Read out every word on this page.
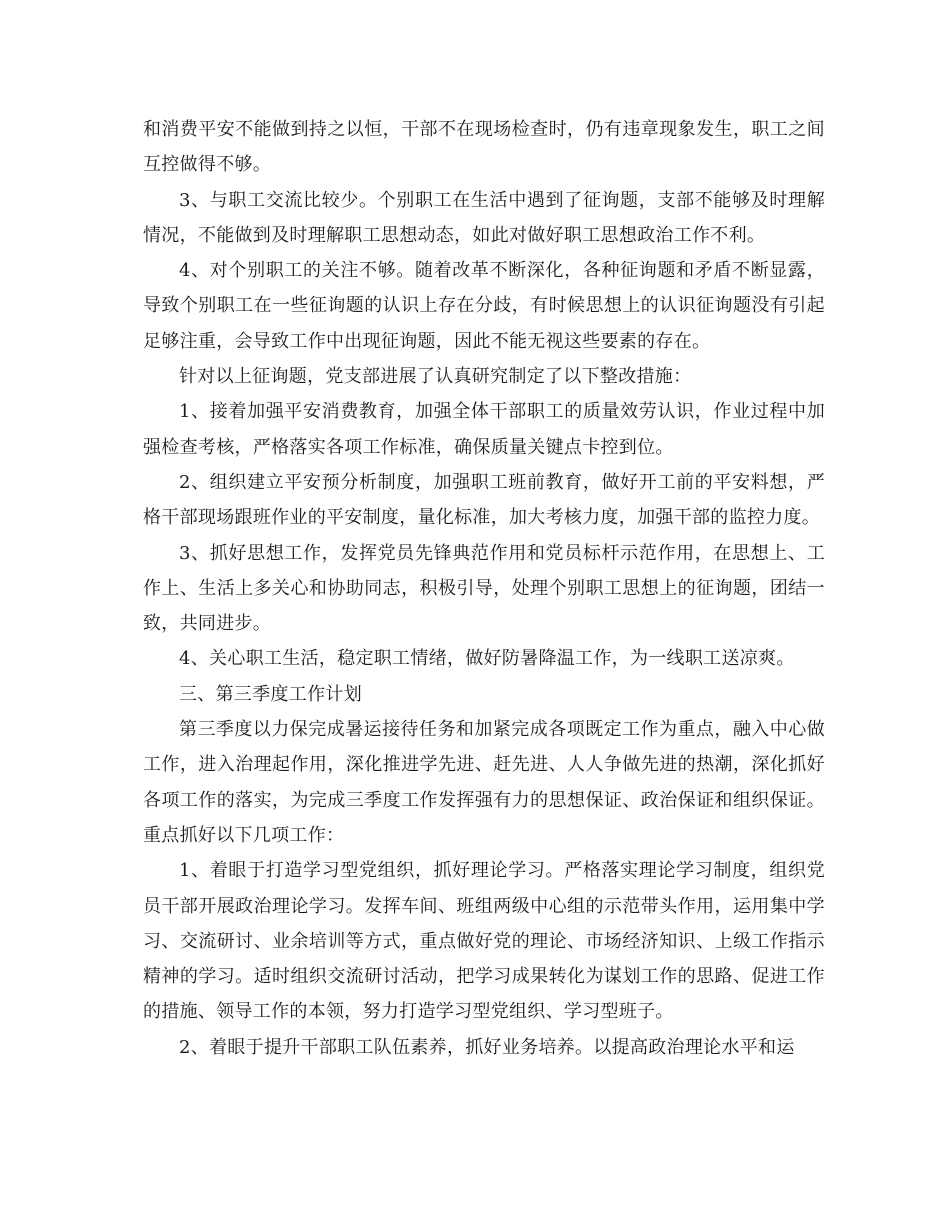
和消费平安不能做到持之以恒，干部不在现场检查时，仍有违章现象发生，职工之间互控做得不够。

3、与职工交流比较少。个别职工在生活中遇到了征询题，支部不能够及时理解情况，不能做到及时理解职工思想动态，如此对做好职工思想政治工作不利。

4、对个别职工的关注不够。随着改革不断深化，各种征询题和矛盾不断显露，导致个别职工在一些征询题的认识上存在分歧，有时候思想上的认识征询题没有引起足够注重，会导致工作中出现征询题，因此不能无视这些要素的存在。

针对以上征询题，党支部进展了认真研究制定了以下整改措施：

1、接着加强平安消费教育，加强全体干部职工的质量效劳认识，作业过程中加强检查考核，严格落实各项工作标准，确保质量关键点卡控到位。

2、组织建立平安预分析制度，加强职工班前教育，做好开工前的平安料想，严格干部现场跟班作业的平安制度，量化标准，加大考核力度，加强干部的监控力度。

3、抓好思想工作，发挥党员先锋典范作用和党员标杆示范作用，在思想上、工作上、生活上多关心和协助同志，积极引导，处理个别职工思想上的征询题，团结一致，共同进步。

4、关心职工生活，稳定职工情绪，做好防暑降温工作，为一线职工送凉爽。

三、第三季度工作计划

第三季度以力保完成暑运接待任务和加紧完成各项既定工作为重点，融入中心做工作，进入治理起作用，深化推进学先进、赶先进、人人争做先进的热潮，深化抓好各项工作的落实，为完成三季度工作发挥强有力的思想保证、政治保证和组织保证。重点抓好以下几项工作：

1、着眼于打造学习型党组织，抓好理论学习。严格落实理论学习制度，组织党员干部开展政治理论学习。发挥车间、班组两级中心组的示范带头作用，运用集中学习、交流研讨、业余培训等方式，重点做好党的理论、市场经济知识、上级工作指示精神的学习。适时组织交流研讨活动，把学习成果转化为谋划工作的思路、促进工作的措施、领导工作的本领，努力打造学习型党组织、学习型班子。

2、着眼于提升干部职工队伍素养，抓好业务培养。以提高政治理论水平和运
